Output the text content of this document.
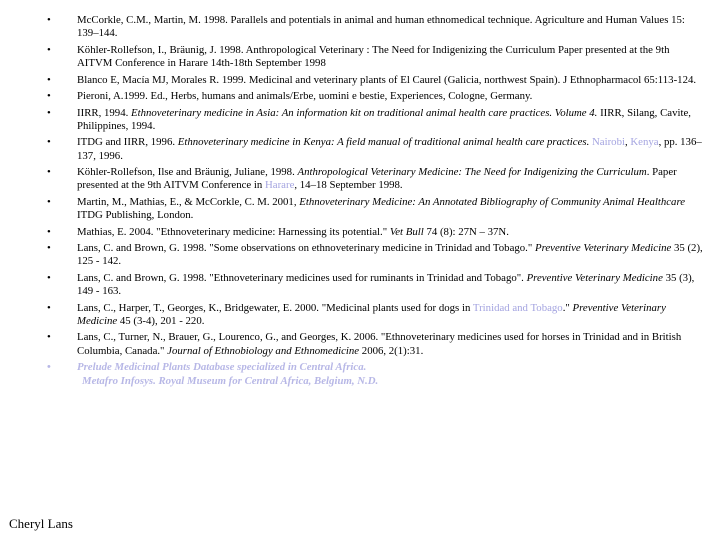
• McCorkle, C.M., Martin, M. 1998. Parallels and potentials in animal and human ethnomedical technique. Agriculture and Human Values 15: 139–144.
• Köhler-Rollefson, I., Bräunig, J. 1998. Anthropological Veterinary : The Need for Indigenizing the Curriculum Paper presented at the 9th AITVM Conference in Harare 14th-18th September 1998
• Blanco E, Macía MJ, Morales R. 1999. Medicinal and veterinary plants of El Caurel (Galicia, northwest Spain). J Ethnopharmacol 65:113-124.
• Pieroni, A.1999. Ed., Herbs, humans and animals/Erbe, uomini e bestie, Experiences, Cologne, Germany.
• IIRR, 1994. Ethnoveterinary medicine in Asia: An information kit on traditional animal health care practices. Volume 4. IIRR, Silang, Cavite, Philippines, 1994.
• ITDG and IIRR, 1996. Ethnoveterinary medicine in Kenya: A field manual of traditional animal health care practices. Nairobi, Kenya, pp. 136–137, 1996.
• Köhler-Rollefson, Ilse and Bräunig, Juliane, 1998. Anthropological Veterinary Medicine: The Need for Indigenizing the Curriculum. Paper presented at the 9th AITVM Conference in Harare, 14–18 September 1998.
• Martin, M., Mathias, E., & McCorkle, C. M. 2001, Ethnoveterinary Medicine: An Annotated Bibliography of Community Animal Healthcare ITDG Publishing, London.
• Mathias, E. 2004. "Ethnoveterinary medicine: Harnessing its potential." Vet Bull 74 (8): 27N – 37N.
• Lans, C. and Brown, G. 1998. "Some observations on ethnoveterinary medicine in Trinidad and Tobago." Preventive Veterinary Medicine 35 (2), 125 - 142.
• Lans, C. and Brown, G. 1998. "Ethnoveterinary medicines used for ruminants in Trinidad and Tobago". Preventive Veterinary Medicine 35 (3), 149 - 163.
• Lans, C., Harper, T., Georges, K., Bridgewater, E. 2000. "Medicinal plants used for dogs in Trinidad and Tobago." Preventive Veterinary Medicine 45 (3-4), 201 - 220.
• Lans, C., Turner, N., Brauer, G., Lourenco, G., and Georges, K. 2006. "Ethnoveterinary medicines used for horses in Trinidad and in British Columbia, Canada." Journal of Ethnobiology and Ethnomedicine 2006, 2(1):31.
• Prelude Medicinal Plants Database specialized in Central Africa.
Metafro Infosys. Royal Museum for Central Africa, Belgium, N.D.
Cheryl Lans
